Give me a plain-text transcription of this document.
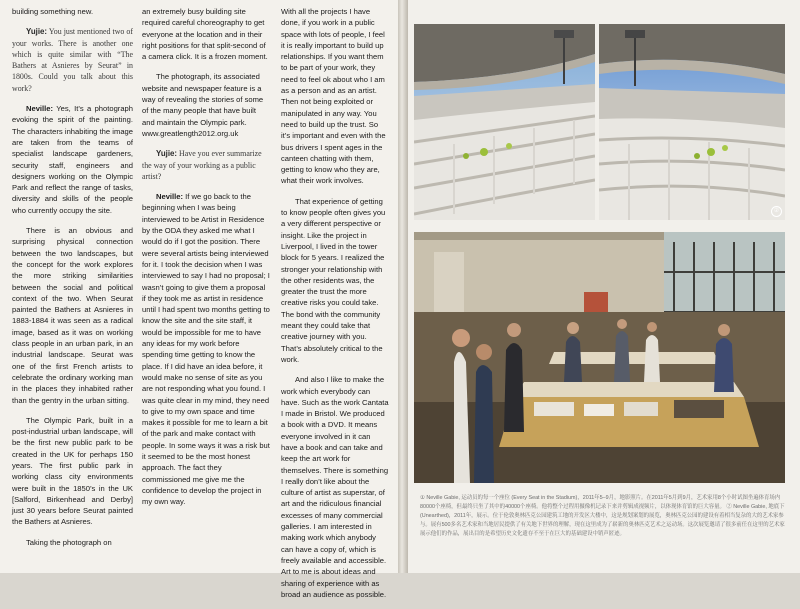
building something new.

Yujie: You just mentioned two of your works. There is another one which is quite similar with “The Bathers at Asnieres by Seurat” in 1800s. Could you talk about this work?

Neville: Yes, It’s a photograph evoking the spirit of the painting. The characters inhabiting the image are taken from the teams of specialist landscape gardeners, security staff, engineers and designers working on the Olympic Park and reflect the range of tasks, diversity and skills of the people who currently occupy the site.

There is an obvious and surprising physical connection between the two landscapes, but the concept for the work explores the more striking similarities between the social and political context of the two. When Seurat painted the Bathers at Asnieres in 1883-1884 it was seen as a radical image, based as it was on working class people in an urban park, in an industrial landscape. Seurat was one of the first French artists to celebrate the ordinary working man in the places they inhabited rather than the gentry in the urban sitting.

The Olympic Park, built in a post-industrial urban landscape, will be the first new public park to be created in the UK for perhaps 150 years. The first public park in working class city environments were built in the 1850’s in the UK [Salford, Birkenhead and Derby] just 30 years before Seurat painted the Bathers at Asnieres.

Taking the photograph on

an extremely busy building site required careful choreography to get everyone at the location and in their right positions for that split-second of a camera click. It is a frozen moment.

The photograph, its associated website and newspaper feature is a way of revealing the stories of some of the many people that have built and maintain the Olympic park. www.greatlength2012.org.uk

Yujie: Have you ever summarize the way of your working as a public artist?

Neville: If we go back to the beginning when I was being interviewed to be Artist in Residence by the ODA they asked me what I would do if I got the position. There were several artists being interviewed for it. I took the decision when I was interviewed to say I had no proposal; I wasn’t going to give them a proposal if they took me as artist in residence until I had spent two months getting to know the site and the site staff, it would be impossible for me to have any ideas for my work before spending time getting to know the place. If I did have an idea before, it would make no sense of site as you are not responding what you found. I was quite clear in my mind, they need to give to my own space and time makes it possible for me to learn a bit of the park and make contact with people. In some ways it was a risk but it seemed to be the most honest approach. The fact they commissioned me give me the confidence to develop the project in my own way.

With all the projects I have done, if you work in a public space with lots of people, I feel it is really important to build up relationships. If you want them to be part of your work, they need to feel ok about who I am as a person and as an artist. Then not being exploited or manipulated in any way. You need to build up the trust. So it’s important and even with the bus drivers I spent ages in the canteen chatting with them, getting to know who they are, what their work involves.

That experience of getting to know people often gives you a very different perspective or insight. Like the project in Liverpool, I lived in the tower block for 5 years. I realized the stronger your relationship with the other residents was, the greater the trust the more creative risks you could take. The bond with the community meant they could take that creative journey with you. That’s absolutely critical to the work.

And also I like to make the work which everybody can have. Such as the work Cantata I made in Bristol. We produced a book with a DVD. It means everyone involved in it can have a book and can take and keep the art work for themselves. There is something I really don’t like about the culture of artist as superstar, of art and the ridiculous financial excesses of many commercial galleries. I am interested in making work which anybody can have a copy of, which is freely available and accessible. Art to me is about ideas and sharing of experience with as broad an audience as possible.

②
① Neville Gabie, 运动员的每一个座位 (Every Seat in the Stadium)，2011年5–9月，地影照片。在2011年5月到9月，艺术家用8个小时试图坐遍体育场内80000个座椅，但最终只坐了其中的40000个座椅。他将整个过程用摄像机记录下来并剪辑成视频片，以体现体育馆的巨大容量。 ② Neville Gabie, 地底下 (Unearthed)，2011年，展示。位于伦敦奥林匹克公园建筑工地的开发区大楼中，这是规划案划的展览，奥林匹克公园的建设有着相当复杂的大的艺术家参与。展有500多名艺术家和当地居民提供了有关地下世界的理解，现在这里成为了崭新的奥林匹克艺术之运动场。这次展览邀请了很多前任在这里的艺术家展示他们的作品，展出目的是希望历史文化遗存不至于在巨大的基础建设中销声匿迹。
